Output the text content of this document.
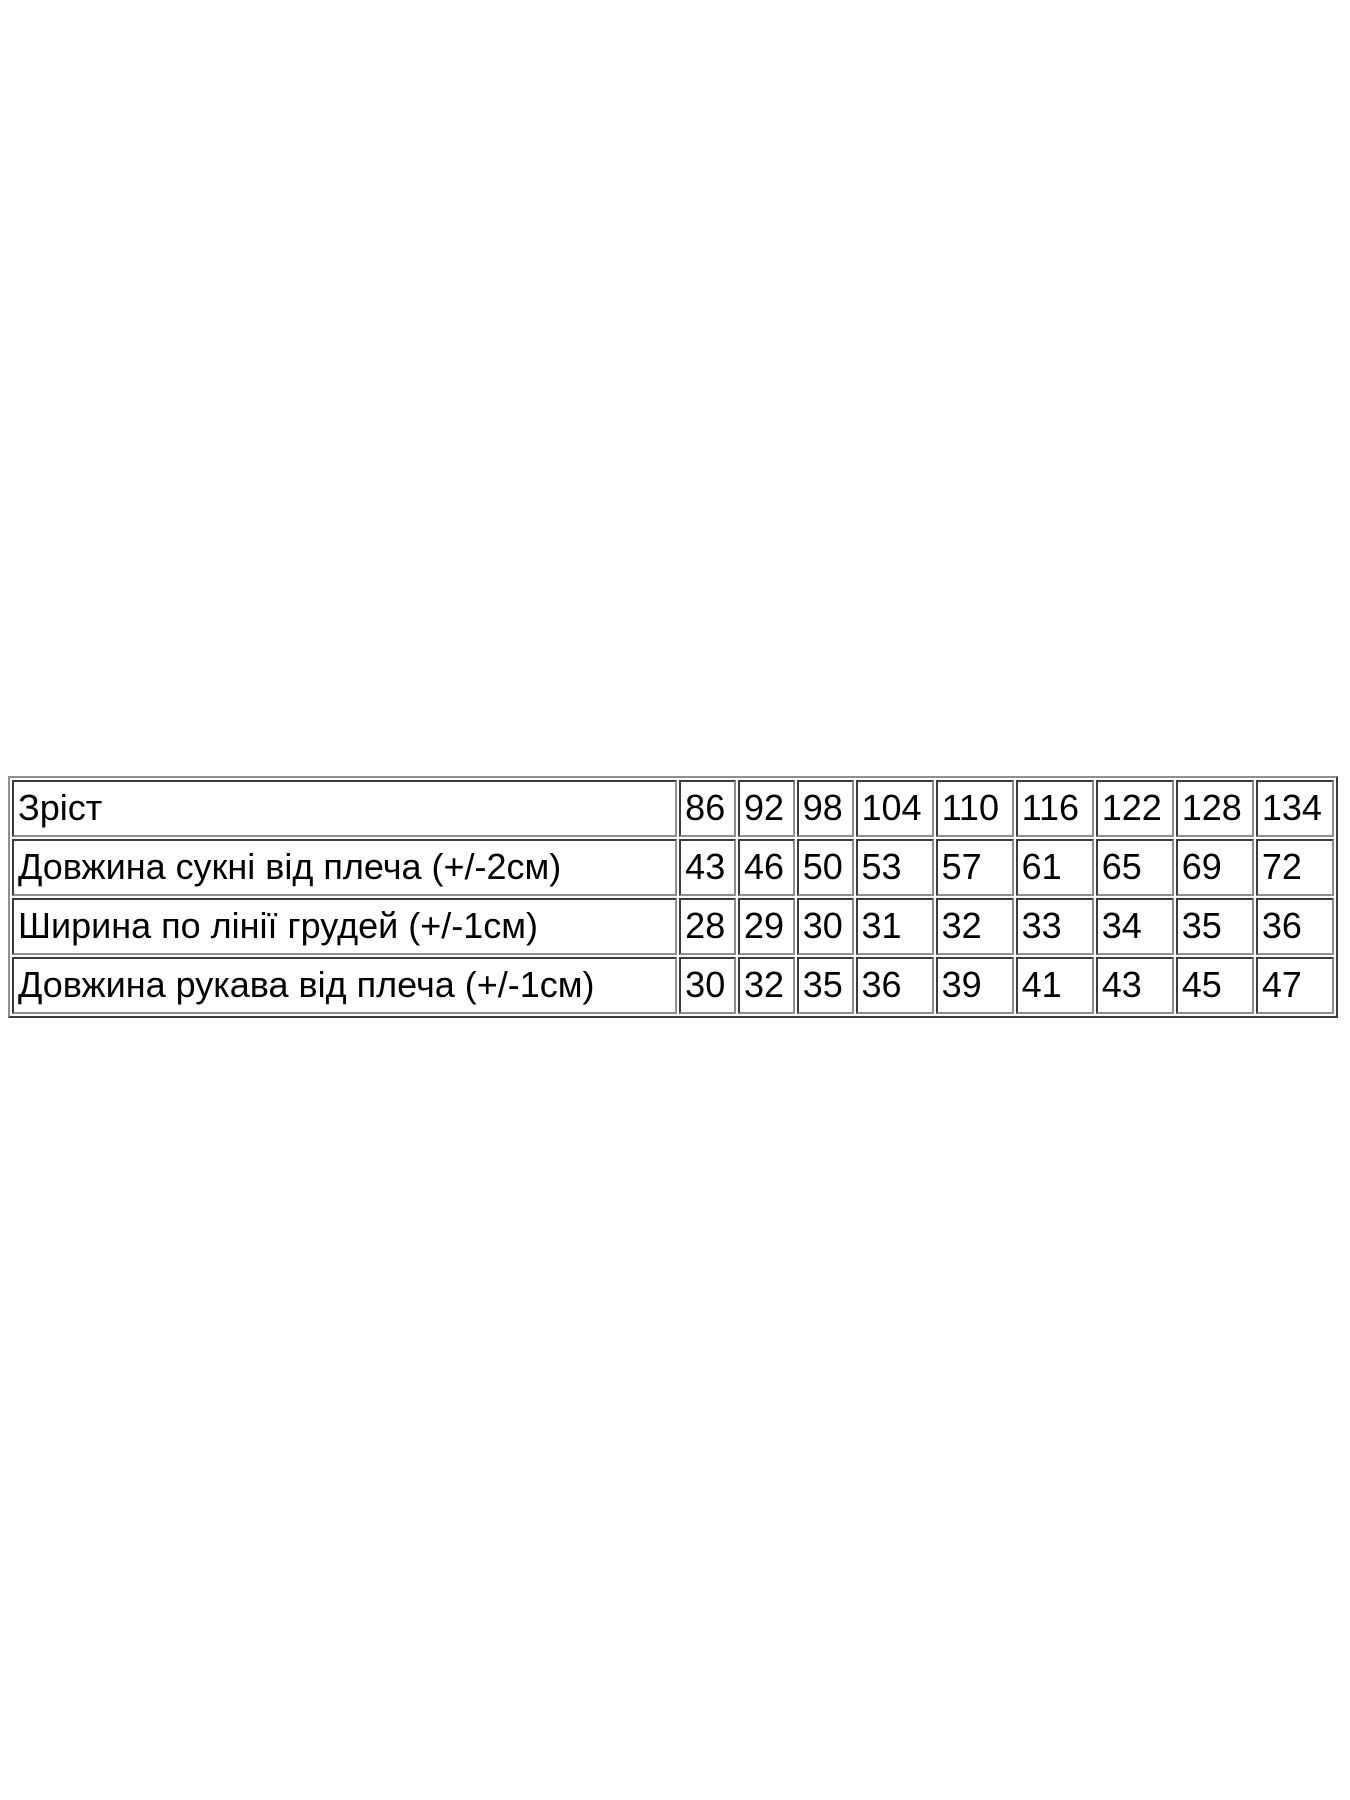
Зріст	86	92	98	104	110	116	122	128	134
Довжина сукні від плеча (+/-2см)	43	46	50	53	57	61	65	69	72
Ширина по лінії грудей (+/-1см)	28	29	30	31	32	33	34	35	36
Довжина рукава від плеча (+/-1см)	30	32	35	36	39	41	43	45	47
